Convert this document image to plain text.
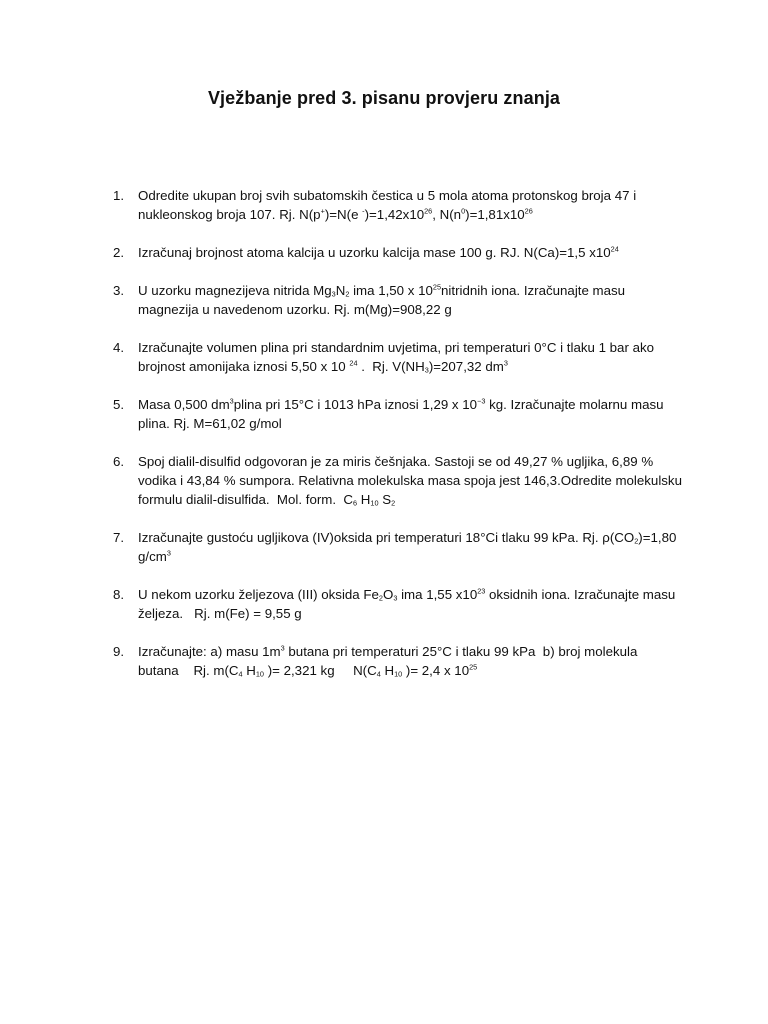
Vježbanje pred 3. pisanu provjeru znanja
1. Odredite ukupan broj svih subatomskih čestica u 5 mola atoma protonskog broja 47 i nukleonskog broja 107. Rj. N(p+)=N(e $^-)=1,42x10^{26}$, $N(n^0)=1,81x10^{26}$
2. Izračunaj brojnost atoma kalcija u uzorku kalcija mase 100 g. RJ. N(Ca)=1,5 $x10^{24}$
3. U uzorku magnezijeva nitrida $Mg_3N_2$ ima 1,50 x $10^{25}nitridnih$ iona. Izračunajte masu magnezija u navedenom uzorku. Rj. m(Mg)=908,22 g
4. Izračunajte volumen plina pri standardnim uvjetima, pri temperaturi 0°C i tlaku 1 bar ako brojnost amonijaka iznosi 5,50 x 10 $^{24}$ .  Rj. $V(NH_3)=207,32$ $dm^3$
5. Masa 0,500 $dm^3plina$ pri 15°C i 1013 hPa iznosi 1,29 x $10^{-3}$ kg. Izračunajte molarnu masu plina. Rj. M=61,02 g/mol
6. Spoj dialil-disulfid odgovoran je za miris češnjaka. Sastoji se od 49,27 % ugljika, 6,89 % vodika i 43,84 % sumpora. Relativna molekulska masa spoja jest 146,3.Odredite molekulsku formulu dialil-disulfida.  Mol. form.  $C_6$ $H_{10}$ $S_2$
7. Izračunajte gustoću ugljikova (IV)oksida pri temperaturi 18°Ci tlaku 99 kPa. Rj. $\rho(CO_2)=1,80$ $g/cm^3$
8. U nekom uzorku željezova (III) oksida $Fe_2O_3$ ima 1,55 $x10^{23}$ oksidnih iona. Izračunajte masu željeza.   Rj. m(Fe) = 9,55 g
9. Izračunajte: a) masu $1m^3$ butana pri temperaturi 25°C i tlaku 99 kPa  b) broj molekula butana    Rj. $m(C_4$ $H_{10}$ )= 2,321 kg     $N(C_4$ $H_{10}$ )= 2,4 x $10^{25}$
